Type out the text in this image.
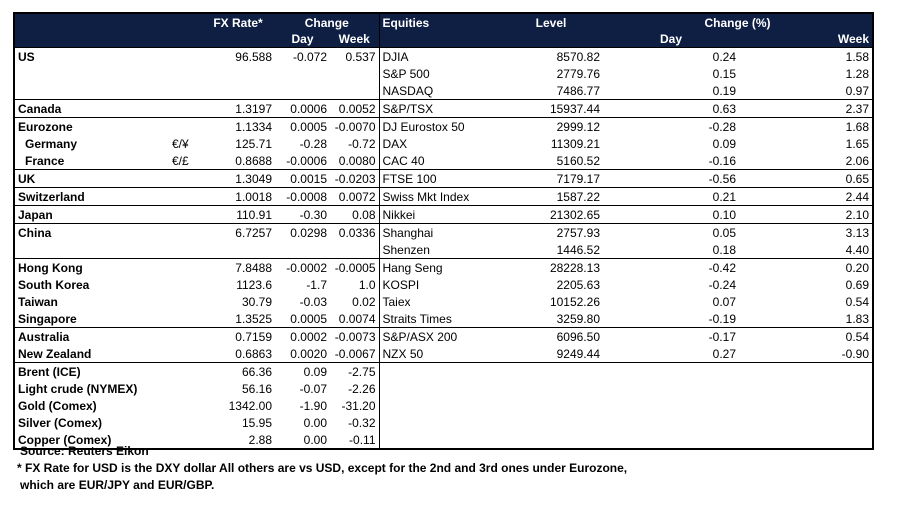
		FX Rate*	Change		Equities	Level	Change (%)	
			Day	Week			Day	Week
US		96.588	-0.072	0.537	DJIA	8570.82	0.24	1.58
					S&P 500	2779.76	0.15	1.28
					NASDAQ	7486.77	0.19	0.97
Canada		1.3197	0.0006	0.0052	S&P/TSX	15937.44	0.63	2.37
Eurozone		1.1334	0.0005	-0.0070	DJ Eurostox 50	2999.12	-0.28	1.68
Germany	€/¥	125.71	-0.28	-0.72	DAX	11309.21	0.09	1.65
France	€/£	0.8688	-0.0006	0.0080	CAC 40	5160.52	-0.16	2.06
UK		1.3049	0.0015	-0.0203	FTSE 100	7179.17	-0.56	0.65
Switzerland		1.0018	-0.0008	0.0072	Swiss Mkt Index	1587.22	0.21	2.44
Japan		110.91	-0.30	0.08	Nikkei	21302.65	0.10	2.10
China		6.7257	0.0298	0.0336	Shanghai	2757.93	0.05	3.13
					Shenzen	1446.52	0.18	4.40
Hong Kong		7.8488	-0.0002	-0.0005	Hang Seng	28228.13	-0.42	0.20
South Korea		1123.6	-1.7	1.0	KOSPI	2205.63	-0.24	0.69
Taiwan		30.79	-0.03	0.02	Taiex	10152.26	0.07	0.54
Singapore		1.3525	0.0005	0.0074	Straits Times	3259.80	-0.19	1.83
Australia		0.7159	0.0002	-0.0073	S&P/ASX 200	6096.50	-0.17	0.54
New Zealand		0.6863	0.0020	-0.0067	NZX 50	9249.44	0.27	-0.90
Brent (ICE)		66.36	0.09	-2.75				
Light crude (NYMEX)		56.16	-0.07	-2.26				
Gold (Comex)		1342.00	-1.90	-31.20				
Silver (Comex)		15.95	0.00	-0.32				
Copper (Comex)		2.88	0.00	-0.11				
Source: Reuters Eikon
* FX Rate for USD is the DXY dollar All others are vs USD, except for the 2nd and 3rd ones under Eurozone,
which are EUR/JPY and EUR/GBP.
